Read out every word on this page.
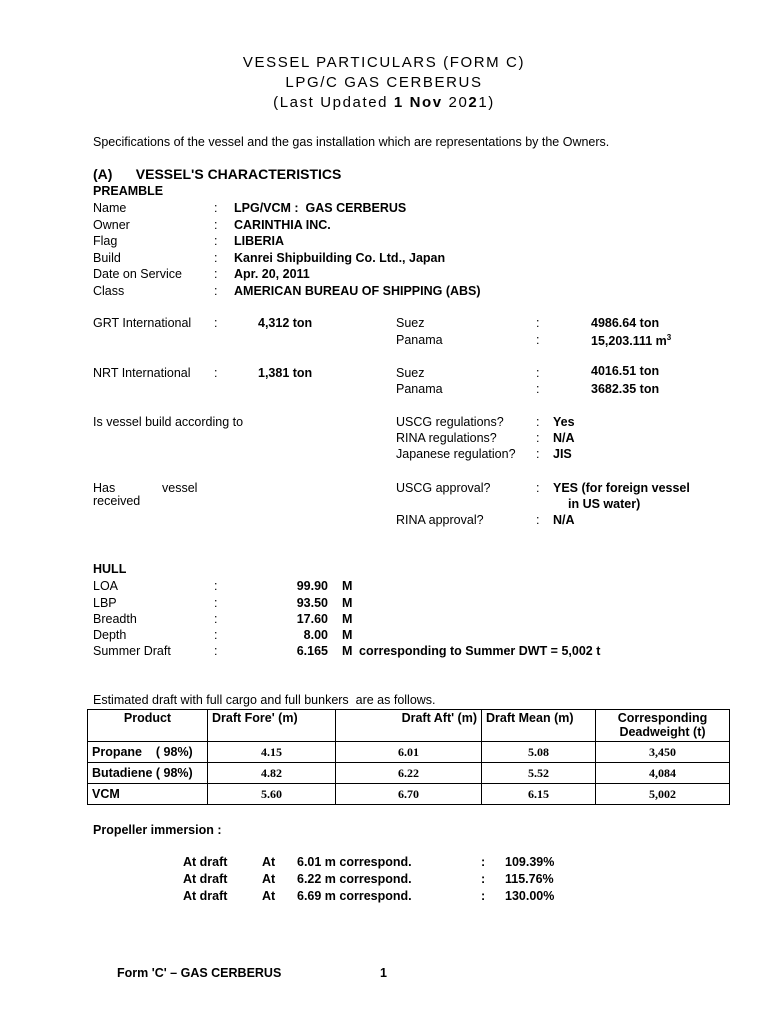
VESSEL PARTICULARS (FORM C)
LPG/C GAS CERBERUS
(Last Updated 1 Nov 2021)
Specifications of the vessel and the gas installation which are representations by the Owners.
(A)      VESSEL'S CHARACTERISTICS
PREAMBLE
Name	: LPG/VCM :  GAS CERBERUS
Owner	: CARINTHIA INC.
Flag	: LIBERIA
Build	: Kanrei Shipbuilding Co. Ltd., Japan
Date on Service	: Apr. 20, 2011
Class	: AMERICAN BUREAU OF SHIPPING (ABS)
GRT International :	4,312 ton	Suez	:	4986.64 ton
Panama	:	15,203.111 $m^3$
NRT International :	1,381 ton	Suez	:	4016.51 ton
Panama	:	3682.35 ton
Is vessel build according to	USCG regulations?	: Yes
RINA regulations?	: N/A
Japanese regulation? : JIS
Has	vessel
received
USCG approval?	: YES (for foreign vessel
in US water)
RINA approval?	: N/A
HULL
LOA	:	99.90 M
LBP	:	93.50 M
Breadth	:	17.60 M
Depth	:	8.00 M
Summer Draft	:	6.165 M corresponding to Summer DWT = 5,002 t
Estimated draft with full cargo and full bunkers  are as follows.
Product	Draft Fore' (m)	Draft Aft' (m)	Draft Mean (m)	Corresponding Deadweight (t)
Propane    ( 98%)	4.15	6.01	5.08	3,450
Butadiene ( 98%)	4.82	6.22	5.52	4,084
VCM	5.60	6.70	6.15	5,002
Propeller immersion :
At draft	At 6.01 m correspond.	: 109.39%
At draft	At 6.22 m correspond.	: 115.76%
At draft	At 6.69 m correspond.	: 130.00%
Form 'C' – GAS CERBERUS	1
